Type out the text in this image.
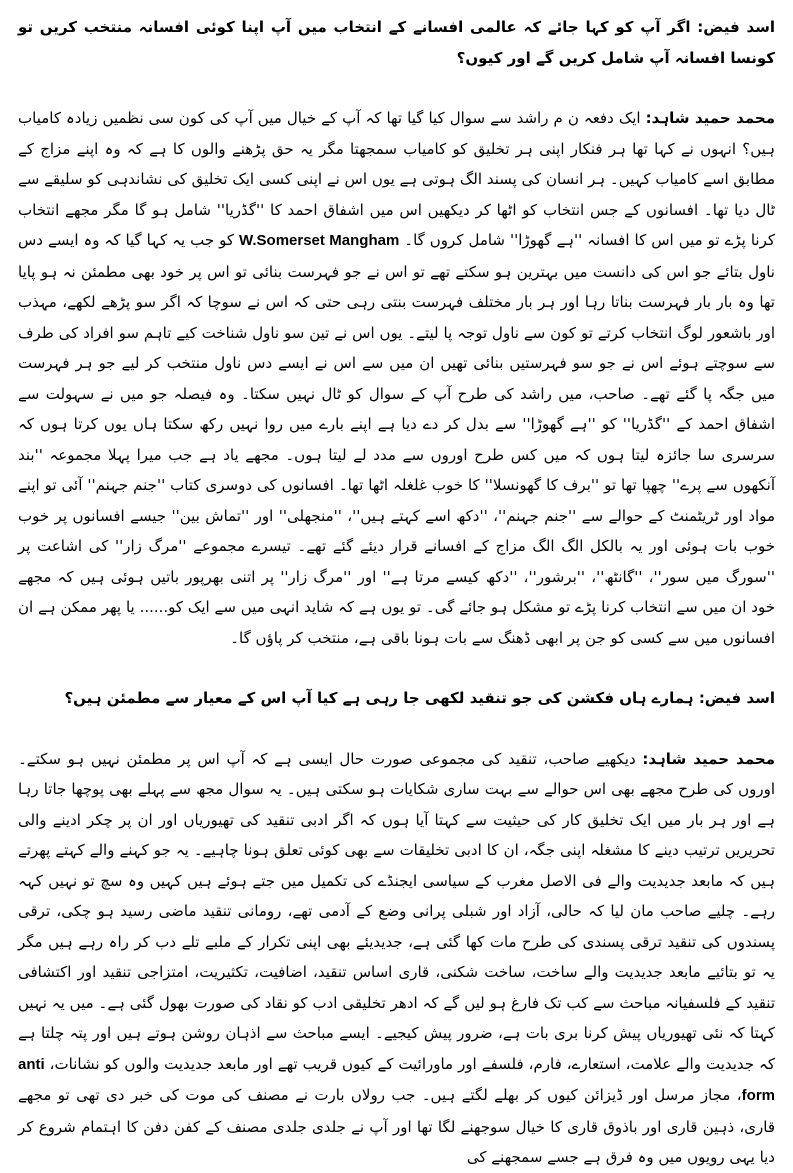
اسد فیض: اگر آپ کو کہا جائے کہ عالمی افسانے کے انتخاب میں آپ اپنا کوئی افسانہ منتخب کریں تو کونسا افسانہ آپ شامل کریں گے اور کیوں؟

محمد حمید شاہد: ایک دفعہ ن م راشد سے سوال کیا گیا تھا کہ آپ کے خیال میں آپ کی کون سی نظمیں زیادہ کامیاب ہیں؟ انہوں نے کہا تھا ہر فنکار اپنی ہر تخلیق کو کامیاب سمجھتا مگر یہ حق پڑھنے والوں کا ہے کہ وہ اپنے مزاج کے مطابق اسے کامیاب کہیں۔ ہر انسان کی پسند الگ ہوتی ہے یوں اس نے اپنی کسی ایک تخلیق کی نشاندہی کو سلیقے سے ٹال دیا تھا۔ افسانوں کے جس انتخاب کو اٹھا کر دیکھیں اس میں اشفاق احمد کا ''گڈریا'' شامل ہو گا مگر مجھے انتخاب کرنا پڑے تو میں اس کا افسانہ ''ہے گھوڑا'' شامل کروں گا۔ W.Somerset Mangham کو جب یہ کہا گیا کہ وہ ایسے دس ناول بتائے جو اس کی دانست میں بہترین ہو سکتے تھے تو اس نے جو فہرست بنائی تو اس پر خود بھی مطمئن نہ ہو پایا تھا وہ بار بار فہرست بناتا رہا اور ہر بار مختلف فہرست بنتی رہی حتی کہ اس نے سوچا کہ اگر سو پڑھے لکھے، مہذب اور باشعور لوگ انتخاب کرتے تو کون سے ناول توجہ پا لیتے۔ یوں اس نے تین سو ناول شناخت کیے تاہم سو افراد کی طرف سے سوچتے ہوئے اس نے جو سو فہرستیں بنائی تھیں ان میں سے اس نے ایسے دس ناول منتخب کر لیے جو ہر فہرست میں جگہ پا گئے تھے۔ صاحب، میں راشد کی طرح آپ کے سوال کو ٹال نہیں سکتا۔ وہ فیصلہ جو میں نے سہولت سے اشفاق احمد کے ''گڈریا'' کو ''ہے گھوڑا'' سے بدل کر دے دیا ہے اپنے بارے میں روا نہیں رکھ سکتا ہاں یوں کرتا ہوں کہ سرسری سا جائزہ لیتا ہوں کہ میں کس طرح اوروں سے مدد لے لیتا ہوں۔ مجھے یاد ہے جب میرا پہلا مجموعہ ''بند آنکھوں سے پرے'' چھپا تھا تو ''برف کا گھونسلا'' کا خوب غلغلہ اٹھا تھا۔ افسانوں کی دوسری کتاب ''جنم جہنم'' آئی تو اپنے مواد اور ٹریٹمنٹ کے حوالے سے ''جنم جہنم''، ''دکھ اسے کہتے ہیں''، ''منجھلی'' اور ''تماش بین'' جیسے افسانوں پر خوب خوب بات ہوئی اور یہ بالکل الگ الگ مزاج کے افسانے قرار دیئے گئے تھے۔ تیسرے مجموعے ''مرگ زار'' کی اشاعت پر ''سورگ میں سور''، ''گانٹھ''، ''برشور''، ''دکھ کیسے مرتا ہے'' اور ''مرگ زار'' پر اتنی بھرپور باتیں ہوئی ہیں کہ مجھے خود ان میں سے انتخاب کرنا پڑے تو مشکل ہو جائے گی۔ تو یوں ہے کہ شاید انہی میں سے ایک کو...... یا پھر ممکن ہے ان افسانوں میں سے کسی کو جن پر ابھی ڈھنگ سے بات ہونا باقی ہے، منتخب کر پاؤں گا۔

اسد فیض: ہمارے ہاں فکشن کی جو تنقید لکھی جا رہی ہے کیا آپ اس کے معیار سے مطمئن ہیں؟

محمد حمید شاہد: دیکھیے صاحب، تنقید کی مجموعی صورت حال ایسی ہے کہ آپ اس پر مطمئن نہیں ہو سکتے۔ اوروں کی طرح مجھے بھی اس حوالے سے بہت ساری شکایات ہو سکتی ہیں۔ یہ سوال مجھ سے پہلے بھی پوچھا جاتا رہا ہے اور ہر بار میں ایک تخلیق کار کی حیثیت سے کہتا آیا ہوں کہ اگر ادبی تنقید کی تھیوریاں اور ان پر چکر ادینے والی تحریریں ترتیب دینے کا مشغلہ اپنی جگہ، ان کا ادبی تخلیقات سے بھی کوئی تعلق ہونا چاہیے۔ یہ جو کہنے والے کہتے پھرتے ہیں کہ مابعد جدیدیت والے فی الاصل مغرب کے سیاسی ایجنڈے کی تکمیل میں جتے ہوئے ہیں کہیں وہ سچ تو نہیں کہہ رہے۔ چلیے صاحب مان لیا کہ حالی، آزاد اور شبلی پرانی وضع کے آدمی تھے، رومانی تنقید ماضی رسید ہو چکی، ترقی پسندوں کی تنقید ترقی پسندی کی طرح مات کھا گئی ہے، جدیدیئے بھی اپنی تکرار کے ملبے تلے دب کر راہ رہے ہیں مگر یہ تو بتائیے مابعد جدیدیت والے ساخت، ساخت شکنی، قاری اساس تنقید، اضافیت، تکثیریت، امتزاجی تنقید اور اکتشافی تنقید کے فلسفیانہ مباحث سے کب تک فارغ ہو لیں گے کہ ادھر تخلیقی ادب کو نقاد کی صورت بھول گئی ہے۔ میں یہ نہیں کہتا کہ نئی تھیوریاں پیش کرنا بری بات ہے، ضرور پیش کیجیے۔ ایسے مباحث سے اذہان روشن ہوتے ہیں اور پتہ چلتا ہے کہ جدیدیت والے علامت، استعارے، فارم، فلسفے اور ماورائیت کے کیوں قریب تھے اور مابعد جدیدیت والوں کو نشانات، anti form، مجاز مرسل اور ڈیزائن کیوں کر بھلے لگتے ہیں۔ جب رولاں بارت نے مصنف کی موت کی خبر دی تھی تو مجھے قاری، ذہین قاری اور باذوق قاری کا خیال سوجھنے لگا تھا اور آپ نے جلدی جلدی مصنف کے کفن دفن کا اہتمام شروع کر دیا یہی رویوں میں وہ فرق ہے جسے سمجھنے کی
